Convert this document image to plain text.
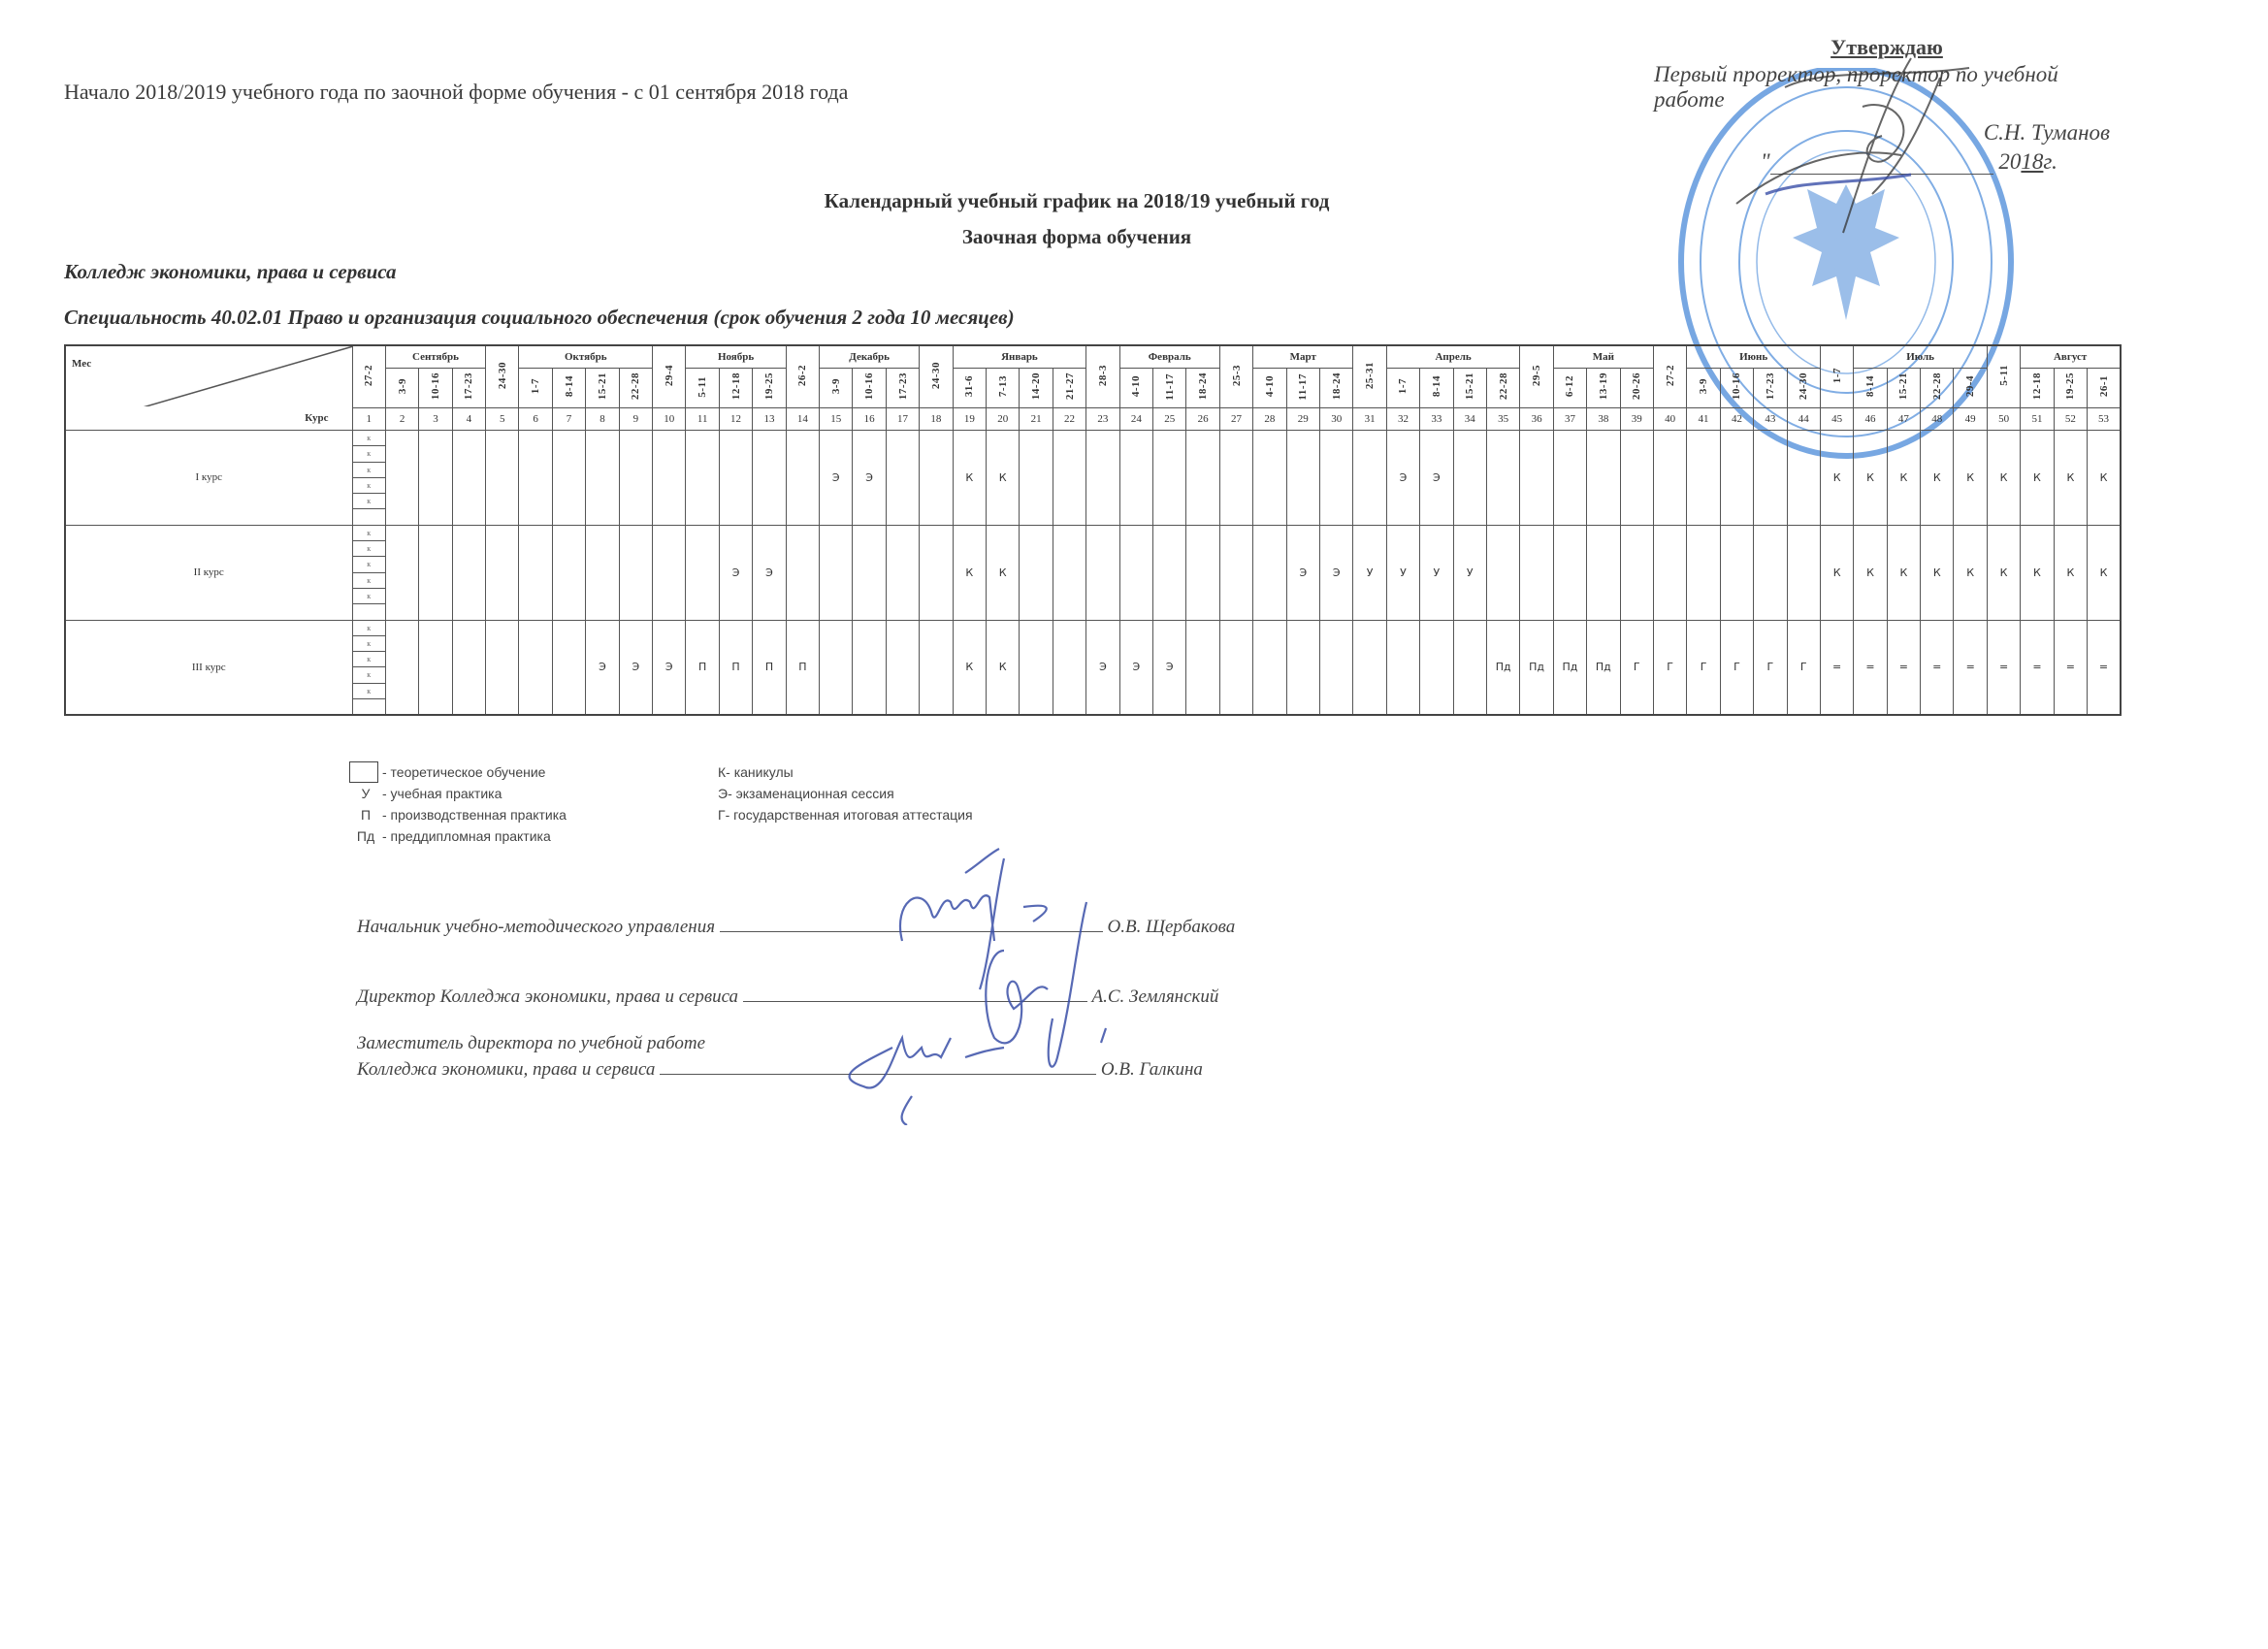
Начало 2018/2019 учебного года по заочной форме обучения - с 01 сентября 2018 года
Утверждаю
Первый проректор, проректор по учебной работе
С.Н. Туманов
"	2018г.
Календарный учебный график на 2018/19 учебный год
Заочная форма обучения
Колледж экономики, права и сервиса
Специальность 40.02.01 Право и организация социального обеспечения (срок обучения 2 года 10 месяцев)
Мес
Курс	27-2	Сентябрь			24-30	Октябрь				29-4	Ноябрь			26-2	Декабрь			24-30	Январь				28-3	Февраль			25-3	Март			25-31	Апрель				29-5	Май			27-2	Июнь				1-7	Июль				5-11	Август		
		3-9	10-16	17-23		1-7	8-14	15-21	22-28		5-11	12-18	19-25		3-9	10-16	17-23		31-6	7-13	14-20	21-27		4-10	11-17	18-24		4-10	11-17	18-24		1-7	8-14	15-21	22-28		6-12	13-19	20-26		3-9	10-16	17-23	24-30		8-14	15-21	22-28	29-4		12-18	19-25	26-1
	1	2	3	4	5	6	7	8	9	10	11	12	13	14	15	16	17	18	19	20	21	22	23	24	25	26	27	28	29	30	31	32	33	34	35	36	37	38	39	40	41	42	43	44	45	46	47	48	49	50	51	52	53
I курс	к
к
к
к
к														Э	Э			К	К												Э	Э												К	К	К	К	К	К	К	К	К
II курс	к
к
к
к
к											Э	Э						К	К									Э	Э	У	У	У	У											К	К	К	К	К	К	К	К	К
III курс	к
к
к
к
к							Э	Э	Э	П	П	П	П					К	К			Э	Э	Э										Пд	Пд	Пд	Пд	Г	Г	Г	Г	Г	Г	=	=	=	=	=	=	=	=	=
- теоретическое обучение
У - учебная практика
П - производственная практика
Пд - преддипломная практика
К- каникулы
Э- экзаменационная сессия
Г- государственная итоговая аттестация
Начальник учебно-методического управления	О.В. Щербакова
Директор Колледжа экономики, права и сервиса	А.С. Землянский
Заместитель директора по учебной работе
Колледжа экономики, права и сервиса	О.В. Галкина
